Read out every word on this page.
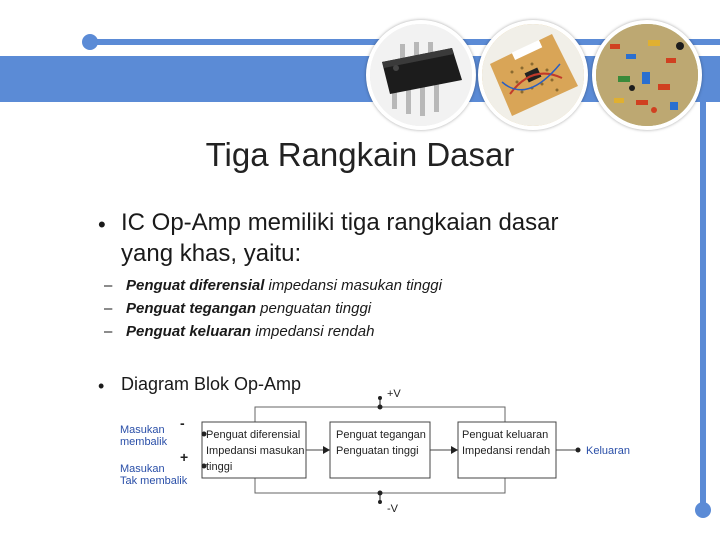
Tiga Rangkain Dasar
• IC Op-Amp memiliki tiga rangkaian dasar
yang khas, yaitu:
– Penguat diferensial impedansi masukan tinggi
– Penguat tegangan penguatan tinggi
– Penguat keluaran impedansi rendah
• Diagram Blok Op-Amp	+V
-V
Penguat diferensial
Impedansi masukan
tinggi
Penguat tegangan
Penguatan tinggi
Penguat keluaran
Impedansi rendah	Keluaran
-
+
Masukan
membalik
Masukan
Tak membalik
